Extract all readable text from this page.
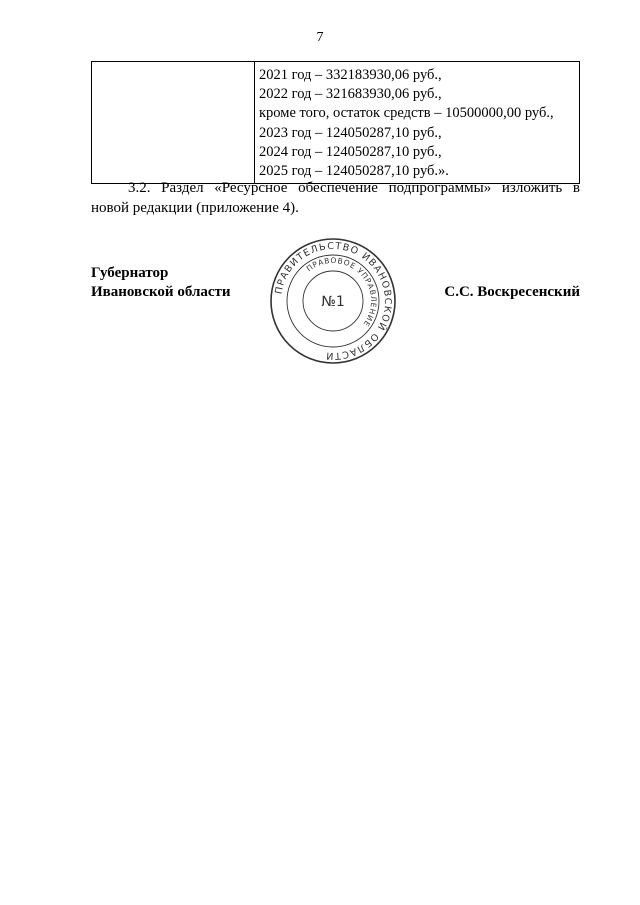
7

2021 год – 332183930,06 руб.,
2022 год – 321683930,06 руб.,
кроме того, остаток средств – 10500000,00 руб.,
2023 год – 124050287,10 руб.,
2024 год – 124050287,10 руб.,
2025 год – 124050287,10 руб.».
3.2. Раздел «Ресурсное обеспечение подпрограммы» изложить в
новой редакции (приложение 4).
Губернатор
Ивановской области	С.С. Воскресенский
ПРАВИТЕЛЬСТВО ИВАНОВСКОЙ ОБЛАСТИ
ПРАВОВОЕ УПРАВЛЕНИЕ
№1
